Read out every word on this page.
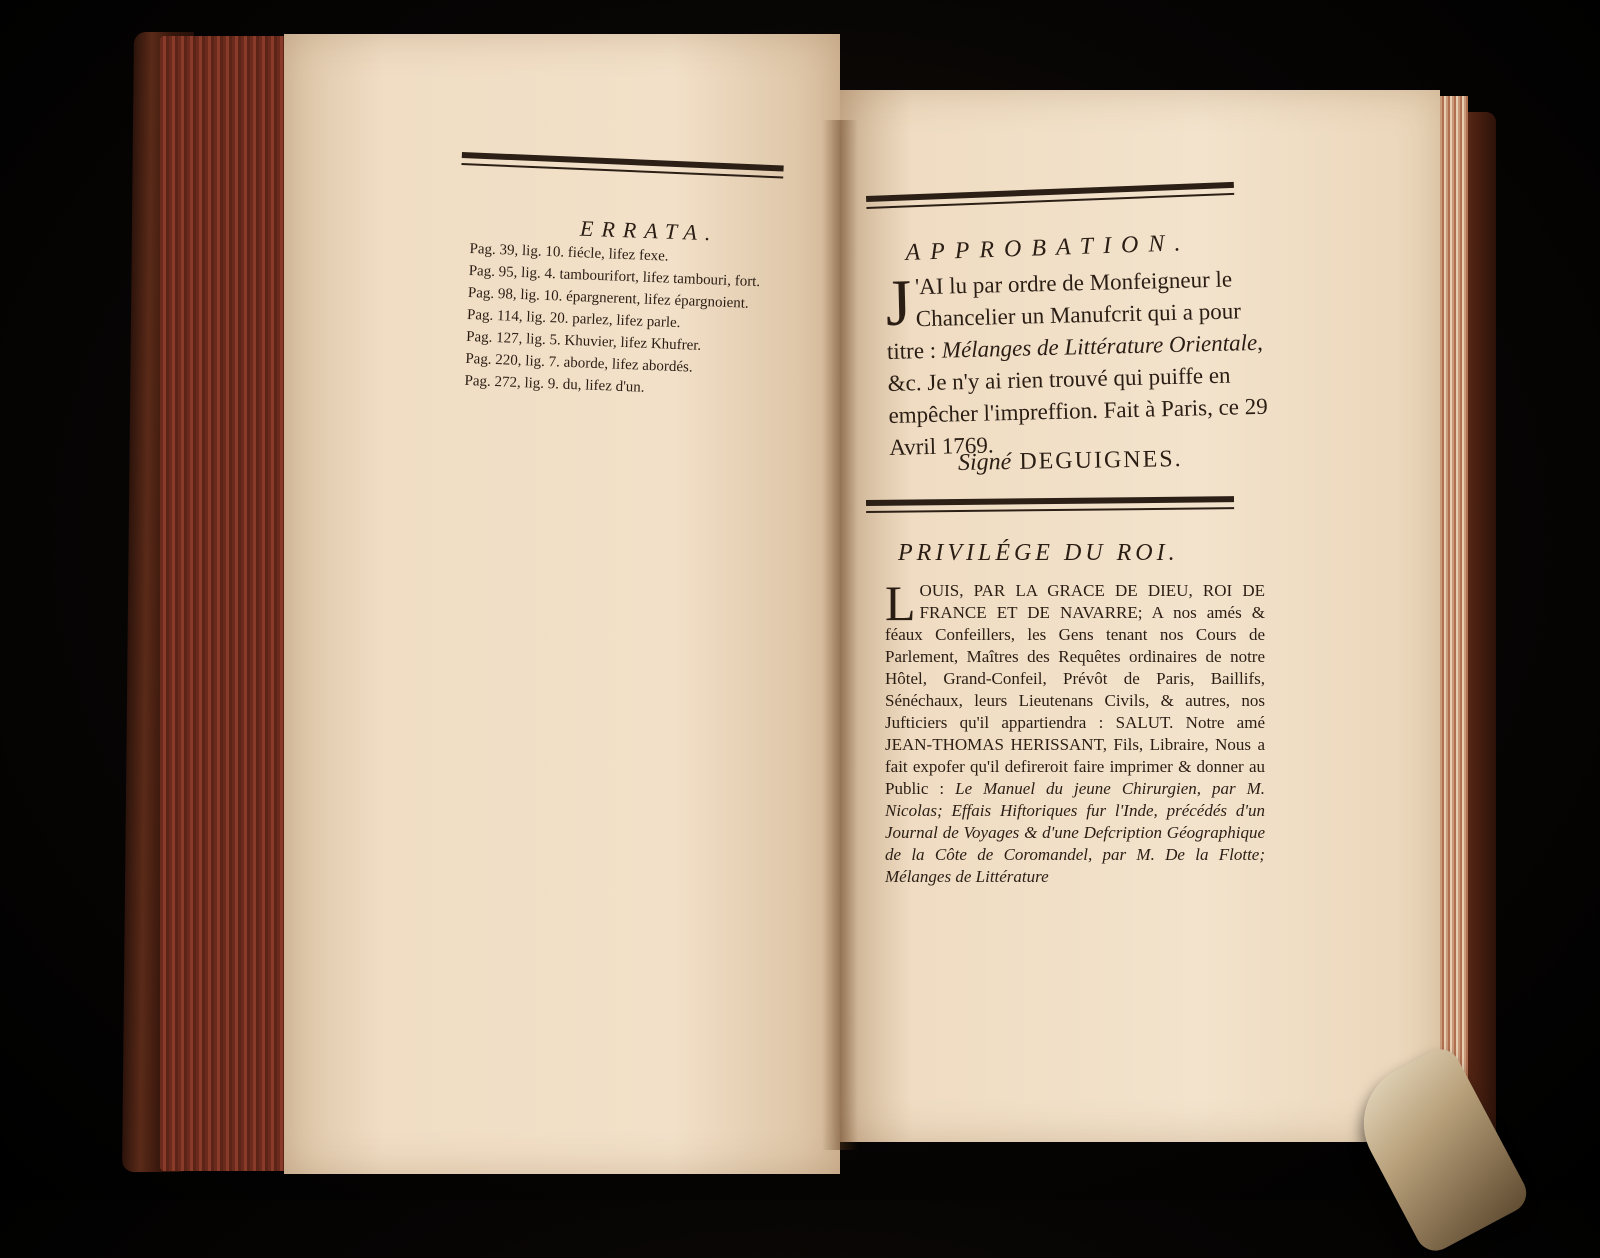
ERRATA.
Pag. 39, lig. 10. fiécle, lifez fexe.
Pag. 95, lig. 4. tambourifort, lifez tambouri, fort.
Pag. 98, lig. 10. épargnerent, lifez épargnoient.
Pag. 114, lig. 20. parlez, lifez parle.
Pag. 127, lig. 5. Khuvier, lifez Khufrer.
Pag. 220, lig. 7. aborde, lifez abordés.
Pag. 272, lig. 9. du, lifez d'un.
APPROBATION.
J 'AI lu par ordre de Monfeigneur le Chancelier un Manufcrit qui a pour titre : Mélanges de Littérature Orientale, &c. Je n'y ai rien trouvé qui puiffe en empêcher l'impreffion. Fait à Paris, ce 29 Avril 1769.
Signé DEGUIGNES.
PRIVILÉGE DU ROI.
LOUIS, PAR LA GRACE DE DIEU, ROI DE FRANCE ET DE NAVARRE; A nos amés & féaux Confeillers, les Gens tenant nos Cours de Parlement, Maîtres des Requêtes ordinaires de notre Hôtel, Grand-Confeil, Prévôt de Paris, Baillifs, Sénéchaux, leurs Lieutenans Civils, & autres, nos Jufticiers qu'il appartiendra : SALUT. Notre amé JEAN-THOMAS HERISSANT, Fils, Libraire, Nous a fait expofer qu'il defireroit faire imprimer & donner au Public : Le Manuel du jeune Chirurgien, par M. Nicolas; Effais Hiftoriques fur l'Inde, précédés d'un Journal de Voyages & d'une Defcription Géographique de la Côte de Coromandel, par M. De la Flotte; Mélanges de Littérature
